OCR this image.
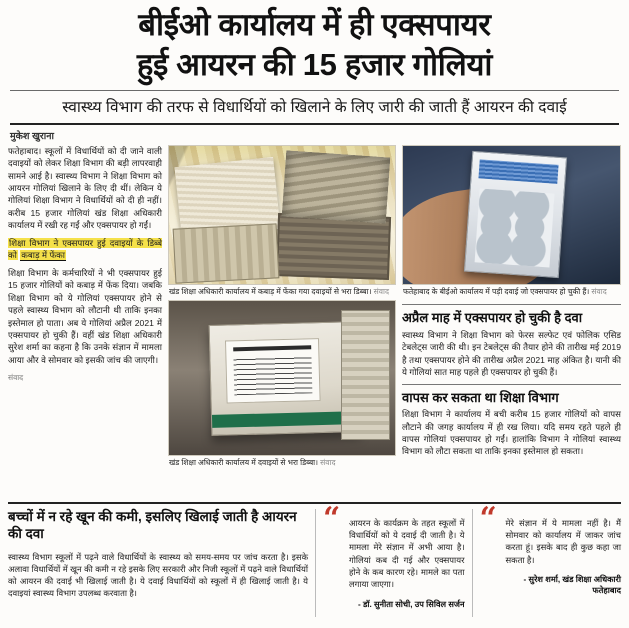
बीईओ कार्यालय में ही एक्सपायर
हुई आयरन की 15 हजार गोलियां
स्वास्थ्य विभाग की तरफ से विधार्थियों को खिलाने के लिए जारी की जाती हैं आयरन की दवाई
मुकेश खुराना

फतेहाबाद। स्कूलों में विधार्थियों को दी जाने वाली दवाइयों को लेकर शिक्षा विभाग की बड़ी लापरवाही सामने आई है। स्वास्थ्य विभाग ने शिक्षा विभाग को आयरन गोलियां खिलाने के लिए दी थीं। लेकिन ये गोलियां शिक्षा विभाग ने विधार्थियों को दी ही नहीं। करीब 15 हजार गोलियां खंड शिक्षा अधिकारी कार्यालय में रखी रह गईं और एक्सपायर हो गईं।

शिक्षा विभाग ने एक्सपायर हुई दवाइयों के डिब्बे को कबाड़ में फेंका

शिक्षा विभाग के कर्मचारियों ने भी एक्सपायर हुई 15 हजार गोलियों को कबाड़ में फेंक दिया। जबकि शिक्षा विभाग को ये गोलियां एक्सपायर होने से पहले स्वास्थ्य विभाग को लौटानी थी ताकि इनका इस्तेमाल हो पाता। अब ये गोलियां अप्रैल 2021 में एक्सपायर हो चुकी हैं। वहीं खंड शिक्षा अधिकारी सुरेश शर्मा का कहना है कि उनके संज्ञान में मामला आया और वे सोमवार को इसकी जांच की जाएगी।

संवाद

खंड शिक्षा अधिकारी कार्यालय में कबाड़ में फेंका गया दवाइयों से भरा डिब्बा। संवाद
खंड शिक्षा अधिकारी कार्यालय में दवाइयों से भरा डिब्बा। संवाद
फतेहाबाद के बीईओ कार्यालय में पड़ी दवाई जो एक्सपायर हो चुकी हैं। संवाद
अप्रैल माह में एक्सपायर हो चुकी है दवा

स्वास्थ्य विभाग ने शिक्षा विभाग को फेरस सल्फेट एवं फोलिक एसिड टेबलेट्स जारी की थी। इन टेबलेट्स की तैयार होने की तारीख मई 2019 है तथा एक्सपायर होने की तारीख अप्रैल 2021 माह अंकित है। यानी की ये गोलियां सात माह पहले ही एक्सपायर हो चुकी हैं।

वापस कर सकता था शिक्षा विभाग

शिक्षा विभाग ने कार्यालय में बची करीब 15 हजार गोलियों को वापस लौटाने की जगह कार्यालय में ही रख लिया। यदि समय रहते पहले ही वापस गोलियां एक्सपायर हो गईं। हालांकि विभाग ने गोलियां स्वास्थ्य विभाग को लौटा सकता था ताकि इनका इस्तेमाल हो सकता।

बच्चों में न रहे खून की कमी, इसलिए खिलाई जाती है आयरन की दवा

स्वास्थ्य विभाग स्कूलों में पढ़ने वाले विधार्थियों के स्वास्थ्य को समय-समय पर जांच करता है। इसके अलावा विधार्थियों में खून की कमी न रहे इसके लिए सरकारी और निजी स्कूलों में पढ़ने वाले विधार्थियों को आयरन की दवाई भी खिलाई जाती है। ये दवाई विधार्थियों को स्कूलों में ही खिलाई जाती है। ये दवाइयां स्वास्थ्य विभाग उपलब्ध करवाता है।

“ आयरन के कार्यक्रम के तहत स्कूलों में विधार्थियों को ये दवाई दी जाती है। ये मामला मेरे संज्ञान में अभी आया है। गोलियां कब दी गई और एक्सपायर होने के कब कारण रहे। मामले का पता लगाया जाएगा।

- डॉ. सुनीता सोची, उप सिविल सर्जन
“ मेरे संज्ञान में ये मामला नहीं है। मैं सोमवार को कार्यालय में जाकर जांच करता हूं। इसके बाद ही कुछ कहा जा सकता है।

- सुरेश शर्मा, खंड शिक्षा अधिकारी फतेहाबाद
